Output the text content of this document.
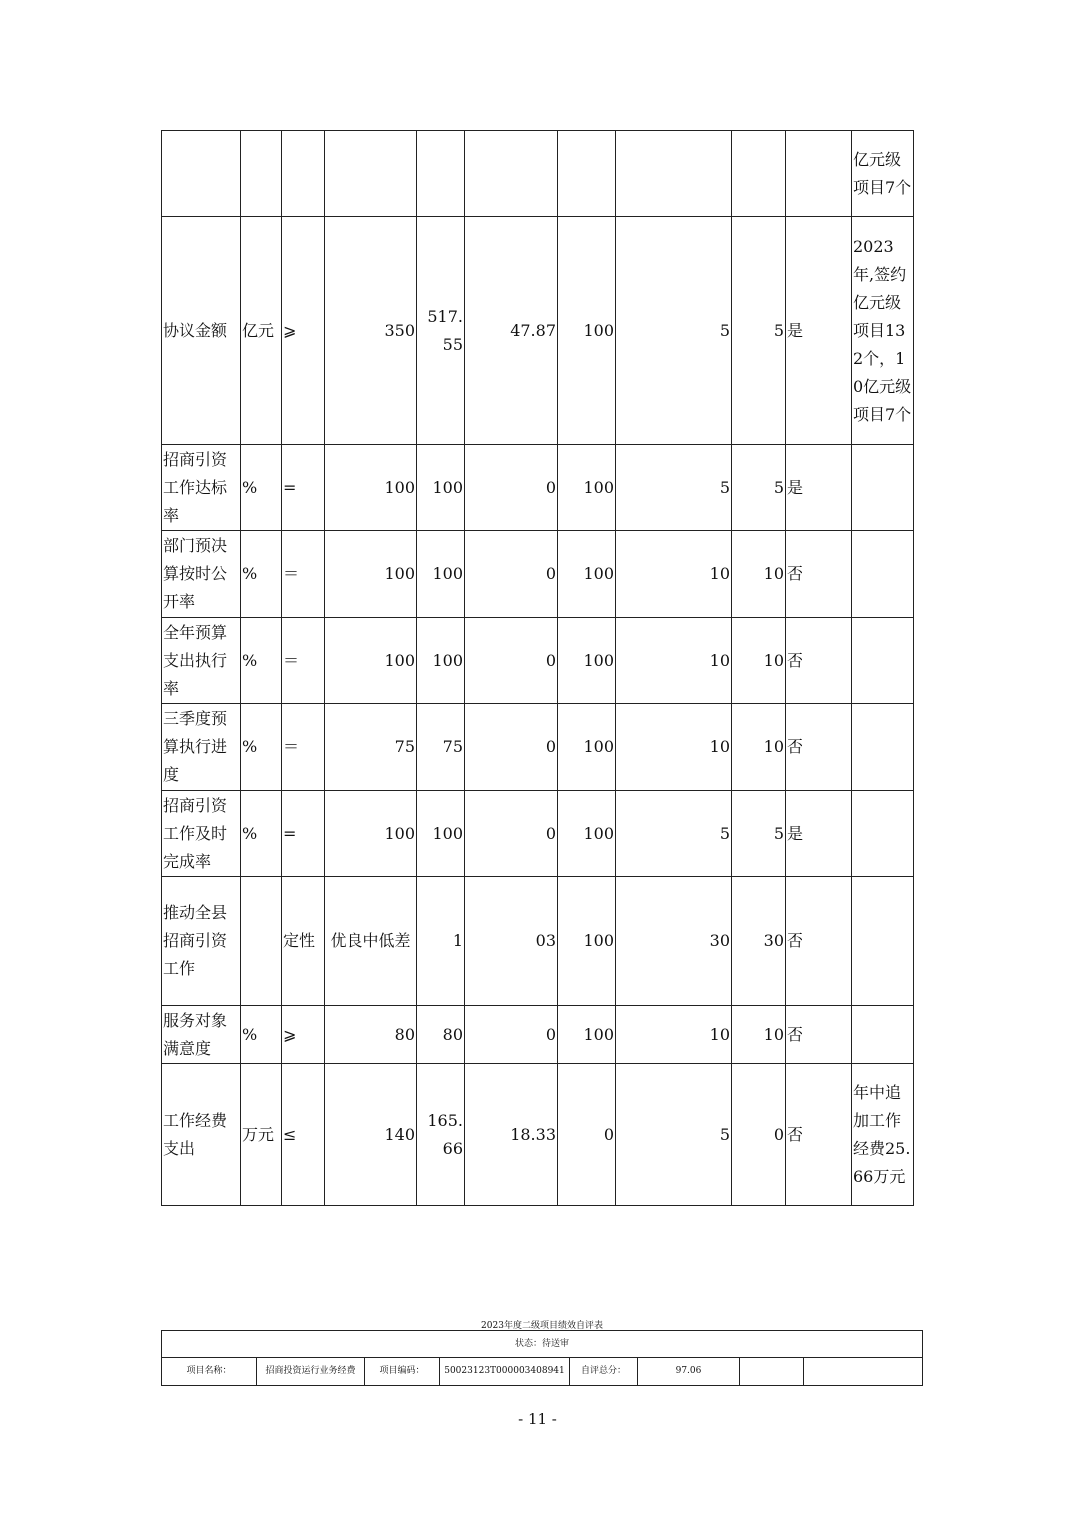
										亿元级项目7个
协议金额	亿元	⩾	350	517.55	47.87	100	5	5	是	2023年,签约亿元级项目132个，10亿元级项目7个
招商引资工作达标率	%	=	100	100	0	100	5	5	是	
部门预决算按时公开率	%	＝	100	100	0	100	10	10	否	
全年预算支出执行率	%	＝	100	100	0	100	10	10	否	
三季度预算执行进度	%	＝	75	75	0	100	10	10	否	
招商引资工作及时完成率	%	=	100	100	0	100	5	5	是	
推动全县招商引资工作		定性	优良中低差	1	03	100	30	30	否	
服务对象满意度	%	⩾	80	80	0	100	10	10	否	
工作经费支出	万元	≤	140	165.66	18.33	0	5	0	否	年中追加工作经费25.66万元
2023年度二级项目绩效自评表
状态：待送审
项目名称：	招商投资运行业务经费	项目编码：	50023123T000003408941	自评总分：	97.06		
- 11 -
